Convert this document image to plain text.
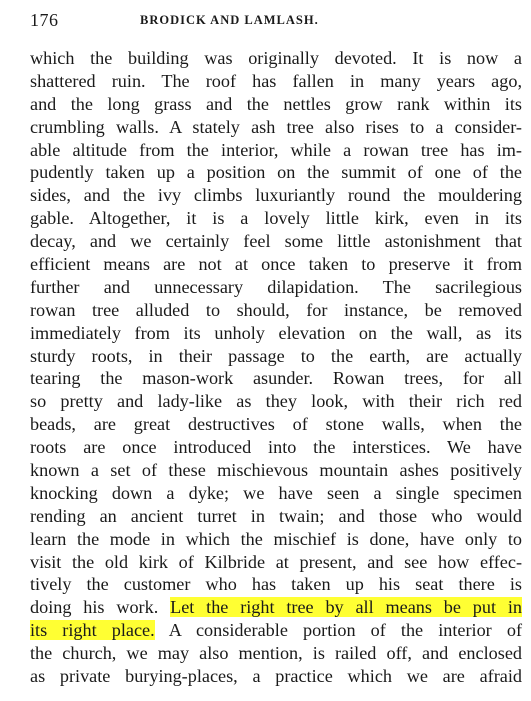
176	BRODICK AND LAMLASH.
which the building was originally devoted. It is now a
shattered ruin. The roof has fallen in many years ago,
and the long grass and the nettles grow rank within its
crumbling walls. A stately ash tree also rises to a consider-
able altitude from the interior, while a rowan tree has im-
pudently taken up a position on the summit of one of the
sides, and the ivy climbs luxuriantly round the mouldering
gable. Altogether, it is a lovely little kirk, even in its
decay, and we certainly feel some little astonishment that
efficient means are not at once taken to preserve it from
further and unnecessary dilapidation. The sacrilegious
rowan tree alluded to should, for instance, be removed
immediately from its unholy elevation on the wall, as its
sturdy roots, in their passage to the earth, are actually
tearing the mason-work asunder. Rowan trees, for all
so pretty and lady-like as they look, with their rich red
beads, are great destructives of stone walls, when the
roots are once introduced into the interstices. We have
known a set of these mischievous mountain ashes positively
knocking down a dyke; we have seen a single specimen
rending an ancient turret in twain; and those who would
learn the mode in which the mischief is done, have only to
visit the old kirk of Kilbride at present, and see how effec-
tively the customer who has taken up his seat there is
doing his work. Let the right tree by all means be put in
its right place. A considerable portion of the interior of
the church, we may also mention, is railed off, and enclosed
as private burying-places, a practice which we are afraid
